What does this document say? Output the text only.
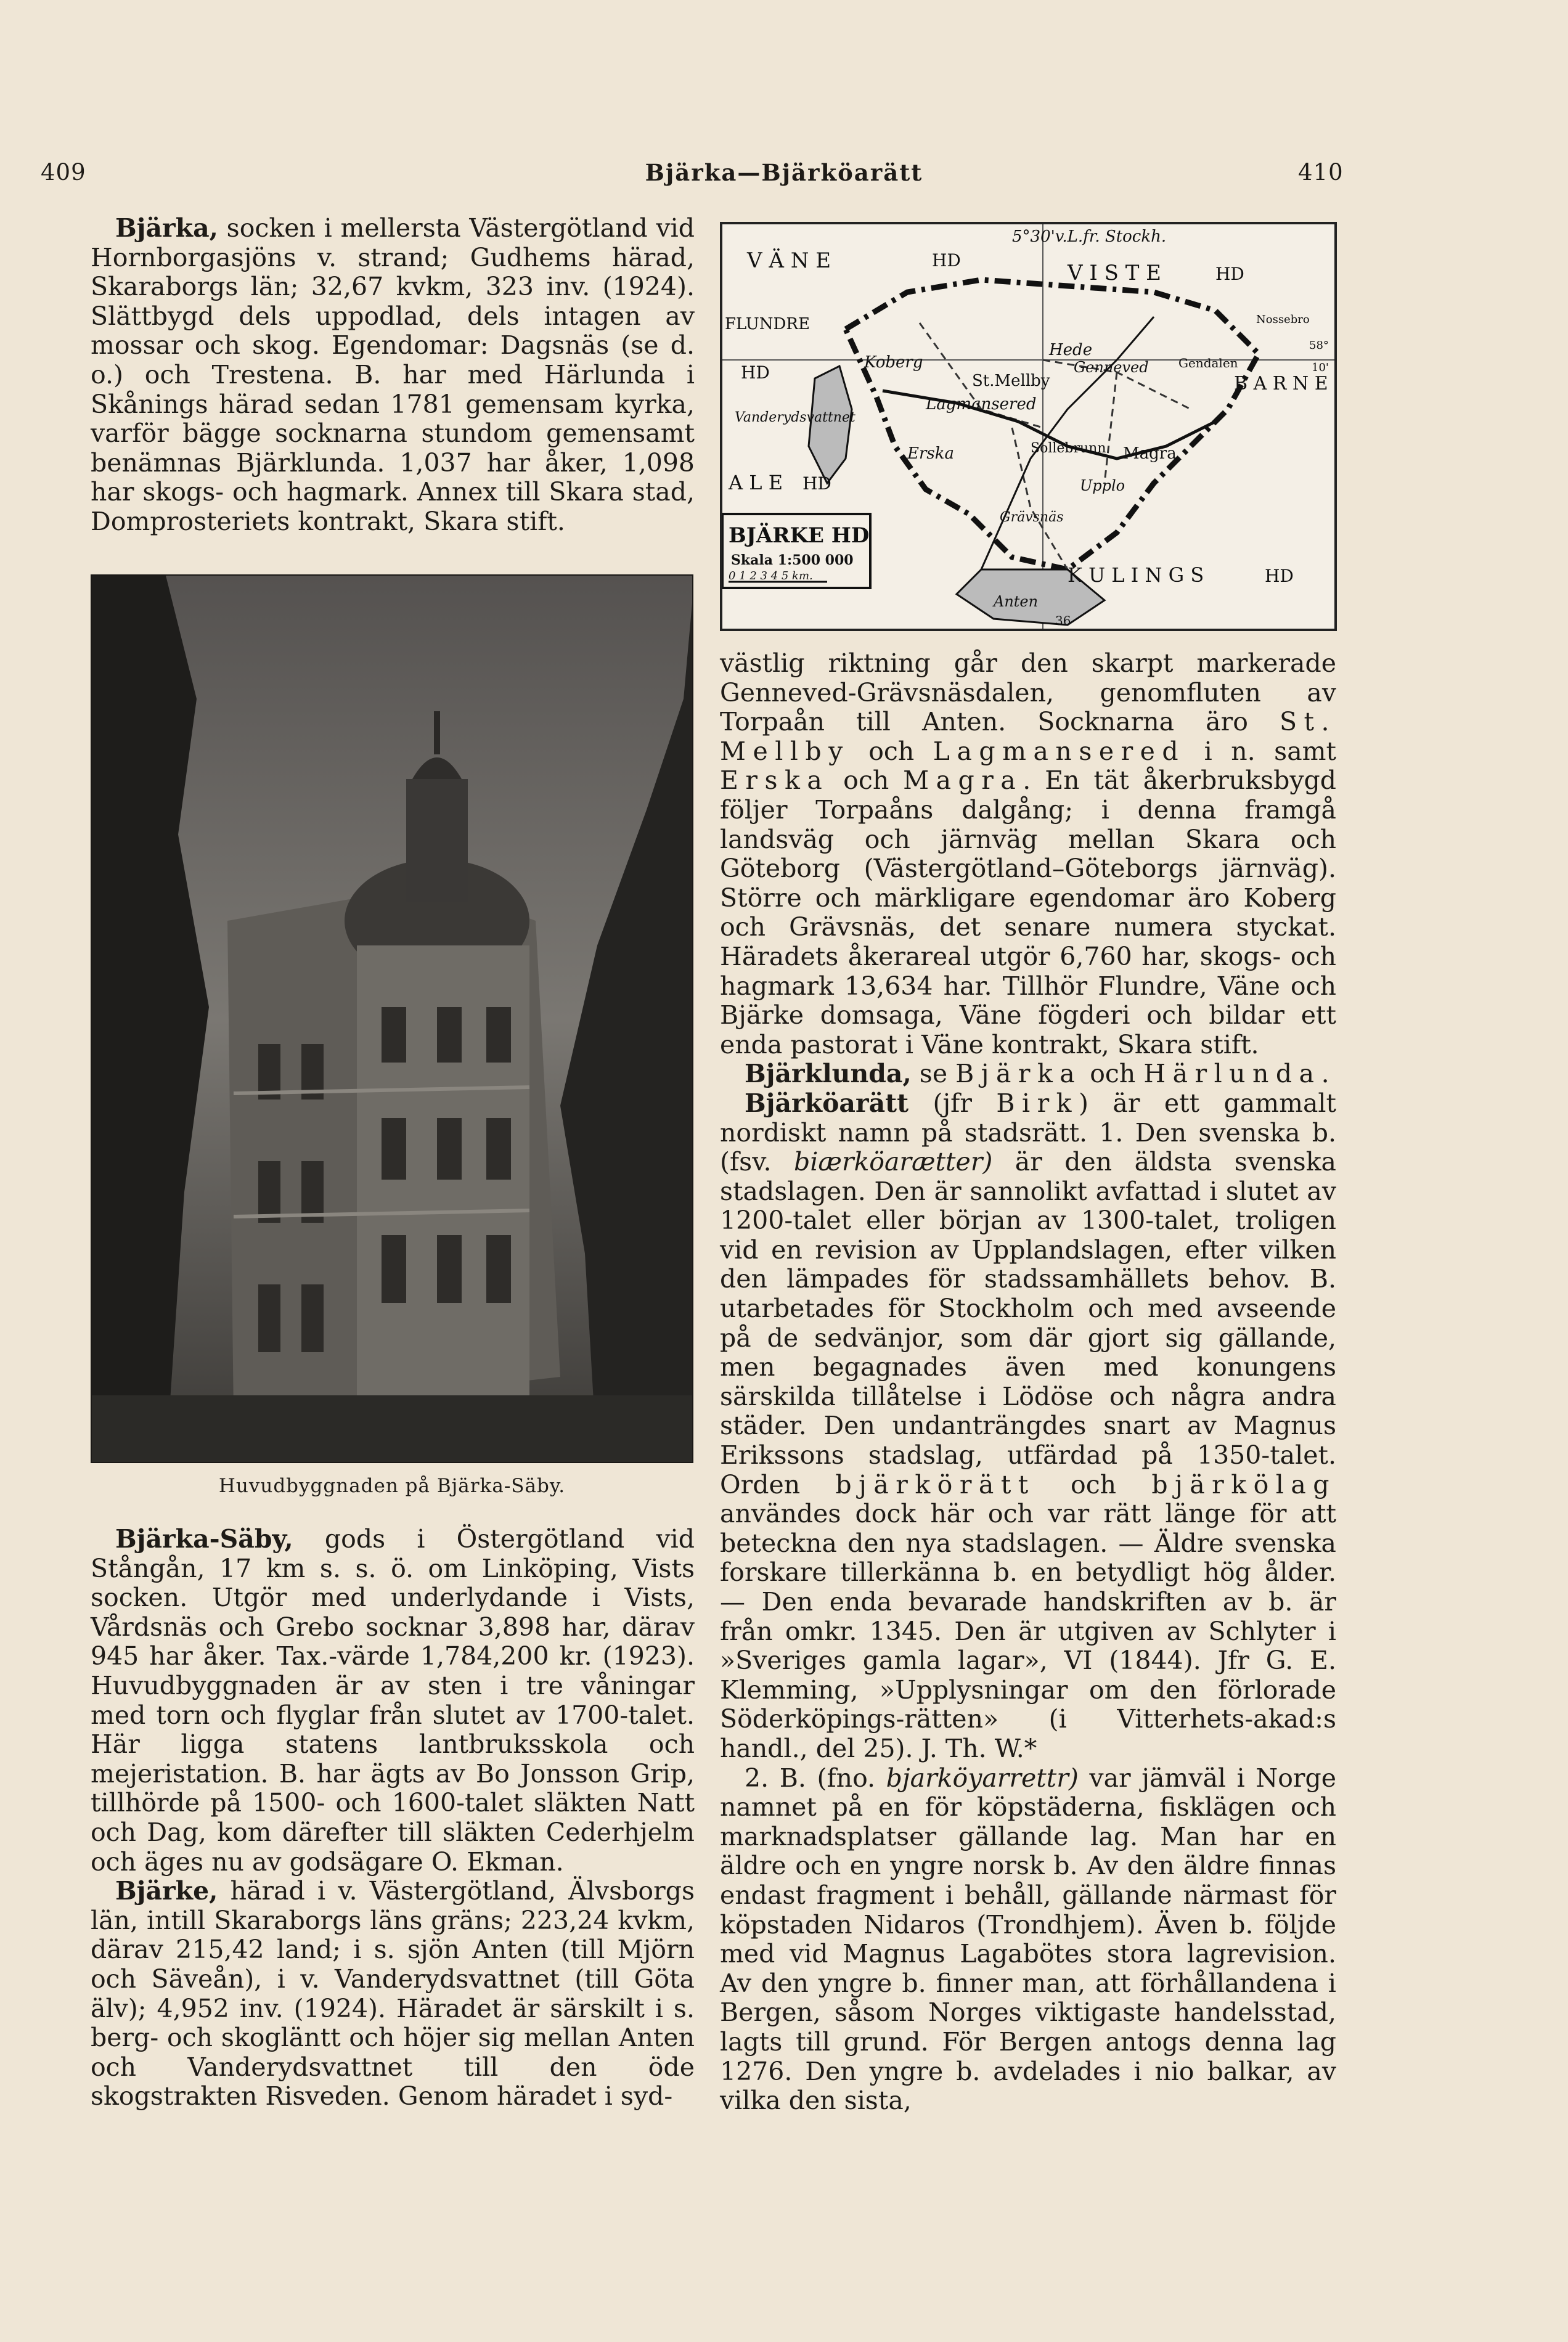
409	Bjärka—Bjärköarätt	410

Bjärka, socken i mellersta Västergötland vid Hornborgasjöns v. strand; Gudhems härad, Skaraborgs län; 32,67 kvkm, 323 inv. (1924). Slättbygd dels uppodlad, dels intagen av mossar och skog. Egendomar: Dagsnäs (se d. o.) och Trestena. B. har med Härlunda i Skånings härad sedan 1781 gemensam kyrka, varför bägge socknarna stundom gemensamt benämnas Bjärklunda. 1,037 har åker, 1,098 har skogs- och hagmark. Annex till Skara stad, Domprosteriets kontrakt, Skara stift.

Huvudbyggnaden på Bjärka-Säby.

Bjärka-Säby, gods i Östergötland vid Stångån, 17 km s. s. ö. om Linköping, Vists socken. Utgör med underlydande i Vists, Vårdsnäs och Grebo socknar 3,898 har, därav 945 har åker. Tax.-värde 1,784,200 kr. (1923). Huvudbyggnaden är av sten i tre våningar med torn och flyglar från slutet av 1700-talet. Här ligga statens lantbruksskola och mejeristation. B. har ägts av Bo Jonsson Grip, tillhörde på 1500- och 1600-talet släkten Natt och Dag, kom därefter till släkten Cederhjelm och äges nu av godsägare O. Ekman.

Bjärke, härad i v. Västergötland, Älvsborgs län, intill Skaraborgs läns gräns; 223,24 kvkm, därav 215,42 land; i s. sjön Anten (till Mjörn och Säveån), i v. Vanderydsvattnet (till Göta älv); 4,952 inv. (1924). Häradet är särskilt i s. berg- och skogläntt och höjer sig mellan Anten och Vanderydsvattnet till den öde skogstrakten Risveden. Genom häradet i syd-

5°30'v.L.fr. Stockh.
V Ä N E	HD
V I S T E	HD
FLUNDRE
HD	Koberg
Hede
Genneved Gendalen
B A R N E
St.Mellby
Lagmansered
Vanderydsvattnet
Erska	Sollebrunn Magra
A L E HD	Upplo
Grävsnäs
K U L I N G S	HD
Anten
Nossebro
58°
10'
36
BJÄRKE HD
Skala 1:500 000
0 1 2 3 4 5 km.

västlig riktning går den skarpt markerade Genneved-Grävsnäsdalen, genomfluten av Torpaån till Anten. Socknarna äro St. Mellby och Lagmansered i n. samt Erska och Magra. En tät åkerbruksbygd följer Torpaåns dalgång; i denna framgå landsväg och järnväg mellan Skara och Göteborg (Västergötland–Göteborgs järnväg). Större och märkligare egendomar äro Koberg och Grävsnäs, det senare numera styckat. Häradets åkerareal utgör 6,760 har, skogs- och hagmark 13,634 har. Tillhör Flundre, Väne och Bjärke domsaga, Väne fögderi och bildar ett enda pastorat i Väne kontrakt, Skara stift.

Bjärklunda, se Bjärka och Härlunda.

Bjärköarätt (jfr Birk) är ett gammalt nordiskt namn på stadsrätt. 1. Den svenska b. (fsv. biærköarætter) är den äldsta svenska stadslagen. Den är sannolikt avfattad i slutet av 1200-talet eller början av 1300-talet, troligen vid en revision av Upplandslagen, efter vilken den lämpades för stadssamhällets behov. B. utarbetades för Stockholm och med avseende på de sedvänjor, som där gjort sig gällande, men begagnades även med konungens särskilda tillåtelse i Lödöse och några andra städer. Den undanträngdes snart av Magnus Erikssons stadslag, utfärdad på 1350-talet. Orden bjärkörätt och bjärkölag användes dock här och var rätt länge för att beteckna den nya stadslagen. — Äldre svenska forskare tillerkänna b. en betydligt hög ålder. — Den enda bevarade handskriften av b. är från omkr. 1345. Den är utgiven av Schlyter i »Sveriges gamla lagar», VI (1844). Jfr G. E. Klemming, »Upplysningar om den förlorade Söderköpings-rätten» (i Vitterhets-akad:s handl., del 25). J. Th. W.*

2. B. (fno. bjarköyarrettr) var jämväl i Norge namnet på en för köpstäderna, fisklägen och marknadsplatser gällande lag. Man har en äldre och en yngre norsk b. Av den äldre finnas endast fragment i behåll, gällande närmast för köpstaden Nidaros (Trondhjem). Även b. följde med vid Magnus Lagabötes stora lagrevision. Av den yngre b. finner man, att förhållandena i Bergen, såsom Norges viktigaste handelsstad, lagts till grund. För Bergen antogs denna lag 1276. Den yngre b. avdelades i nio balkar, av vilka den sista,
